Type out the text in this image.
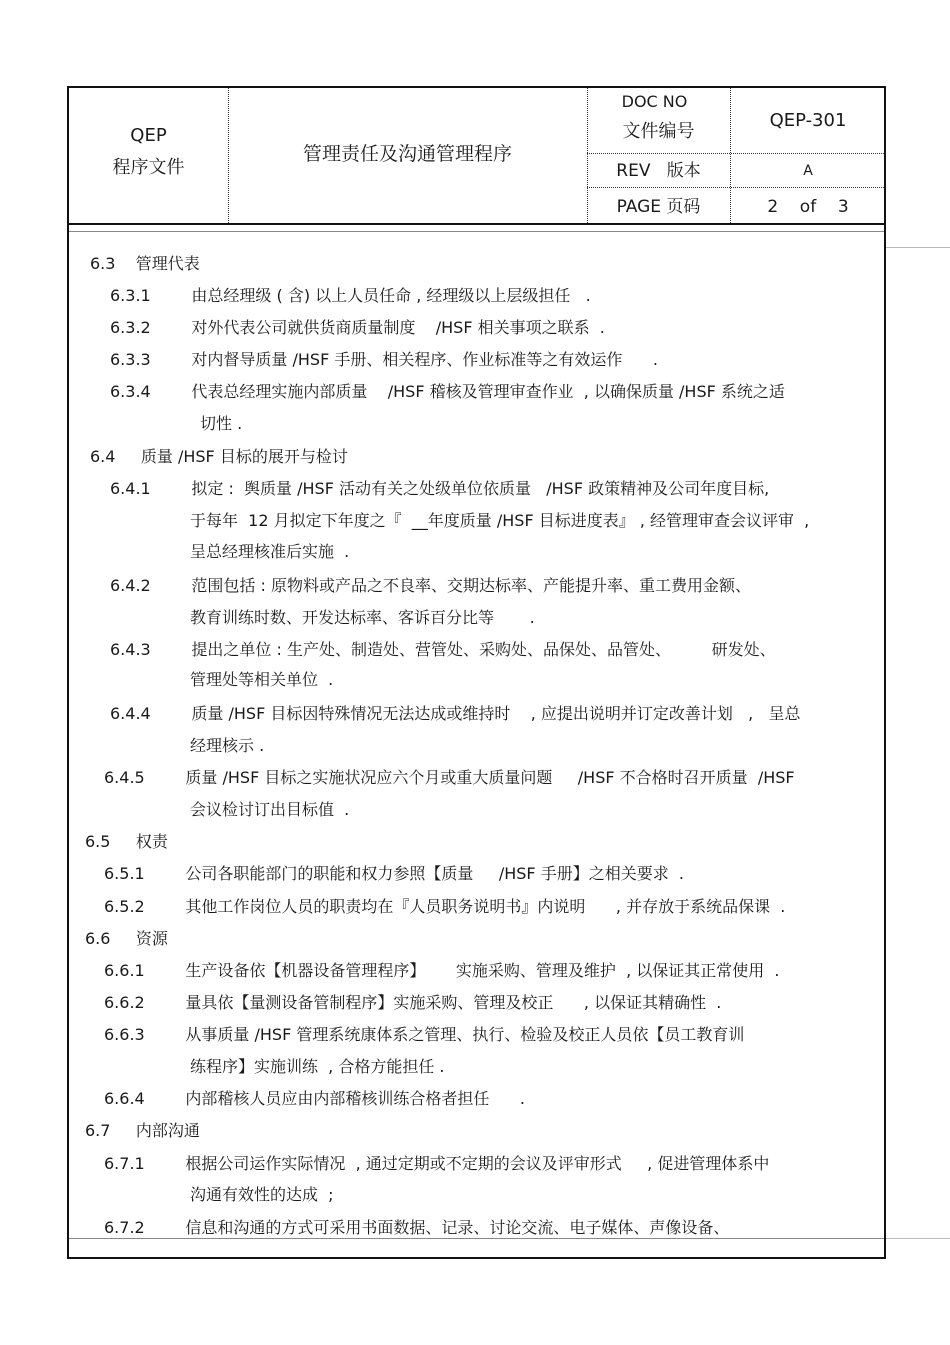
QEP
程序文件
管理责任及沟通管理程序
DOC NO
文件编号
QEP-301
REV 版本	A
PAGE 页码	2 of 3
6.3    管理代表
6.3.1        由总经理级 ( 含) 以上人员任命 , 经理级以上层级担任   .
6.3.2        对外代表公司就供货商质量制度    /HSF 相关事项之联系  .
6.3.3        对内督导质量 /HSF 手册、相关程序、作业标准等之有效运作      .
6.3.4        代表总经理实施内部质量    /HSF 稽核及管理审查作业  , 以确保质量 /HSF 系统之适
切性 .
6.4     质量 /HSF 目标的展开与检讨
6.4.1        拟定 :  舆质量 /HSF 活动有关之处级单位依质量   /HSF 政策精神及公司年度目标,
于每年  12 月拟定下年度之『  __年度质量 /HSF 目标进度表』 , 经管理审查会议评审  ,
呈总经理核准后实施  .
6.4.2        范围包括 : 原物料或产品之不良率、交期达标率、产能提升率、重工费用金额、
教育训练时数、开发达标率、客诉百分比等       .
6.4.3        提出之单位 : 生产处、制造处、营管处、采购处、品保处、品管处、        研发处、
管理处等相关单位  .
6.4.4        质量 /HSF 目标因特殊情况无法达成或维持时    , 应提出说明并订定改善计划   ,   呈总
经理核示 .
6.4.5        质量 /HSF 目标之实施状况应六个月或重大质量问题     /HSF 不合格时召开质量  /HSF
会议检讨订出目标值  .
6.5     权责
6.5.1        公司各职能部门的职能和权力参照【质量     /HSF 手册】之相关要求  .
6.5.2        其他工作岗位人员的职责均在『人员职务说明书』内说明      , 并存放于系统品保课  .
6.6     资源
6.6.1        生产设备依【机器设备管理程序】      实施采购、管理及维护  , 以保证其正常使用  .
6.6.2        量具依【量测设备管制程序】实施采购、管理及校正      , 以保证其精确性  .
6.6.3        从事质量 /HSF 管理系统康体系之管理、执行、检验及校正人员依【员工教育训
练程序】实施训练  , 合格方能担任 .
6.6.4        内部稽核人员应由内部稽核训练合格者担任      .
6.7     内部沟通
6.7.1        根据公司运作实际情况  , 通过定期或不定期的会议及评审形式     , 促进管理体系中
沟通有效性的达成  ;
6.7.2        信息和沟通的方式可采用书面数据、记录、讨论交流、电子媒体、声像设备、
